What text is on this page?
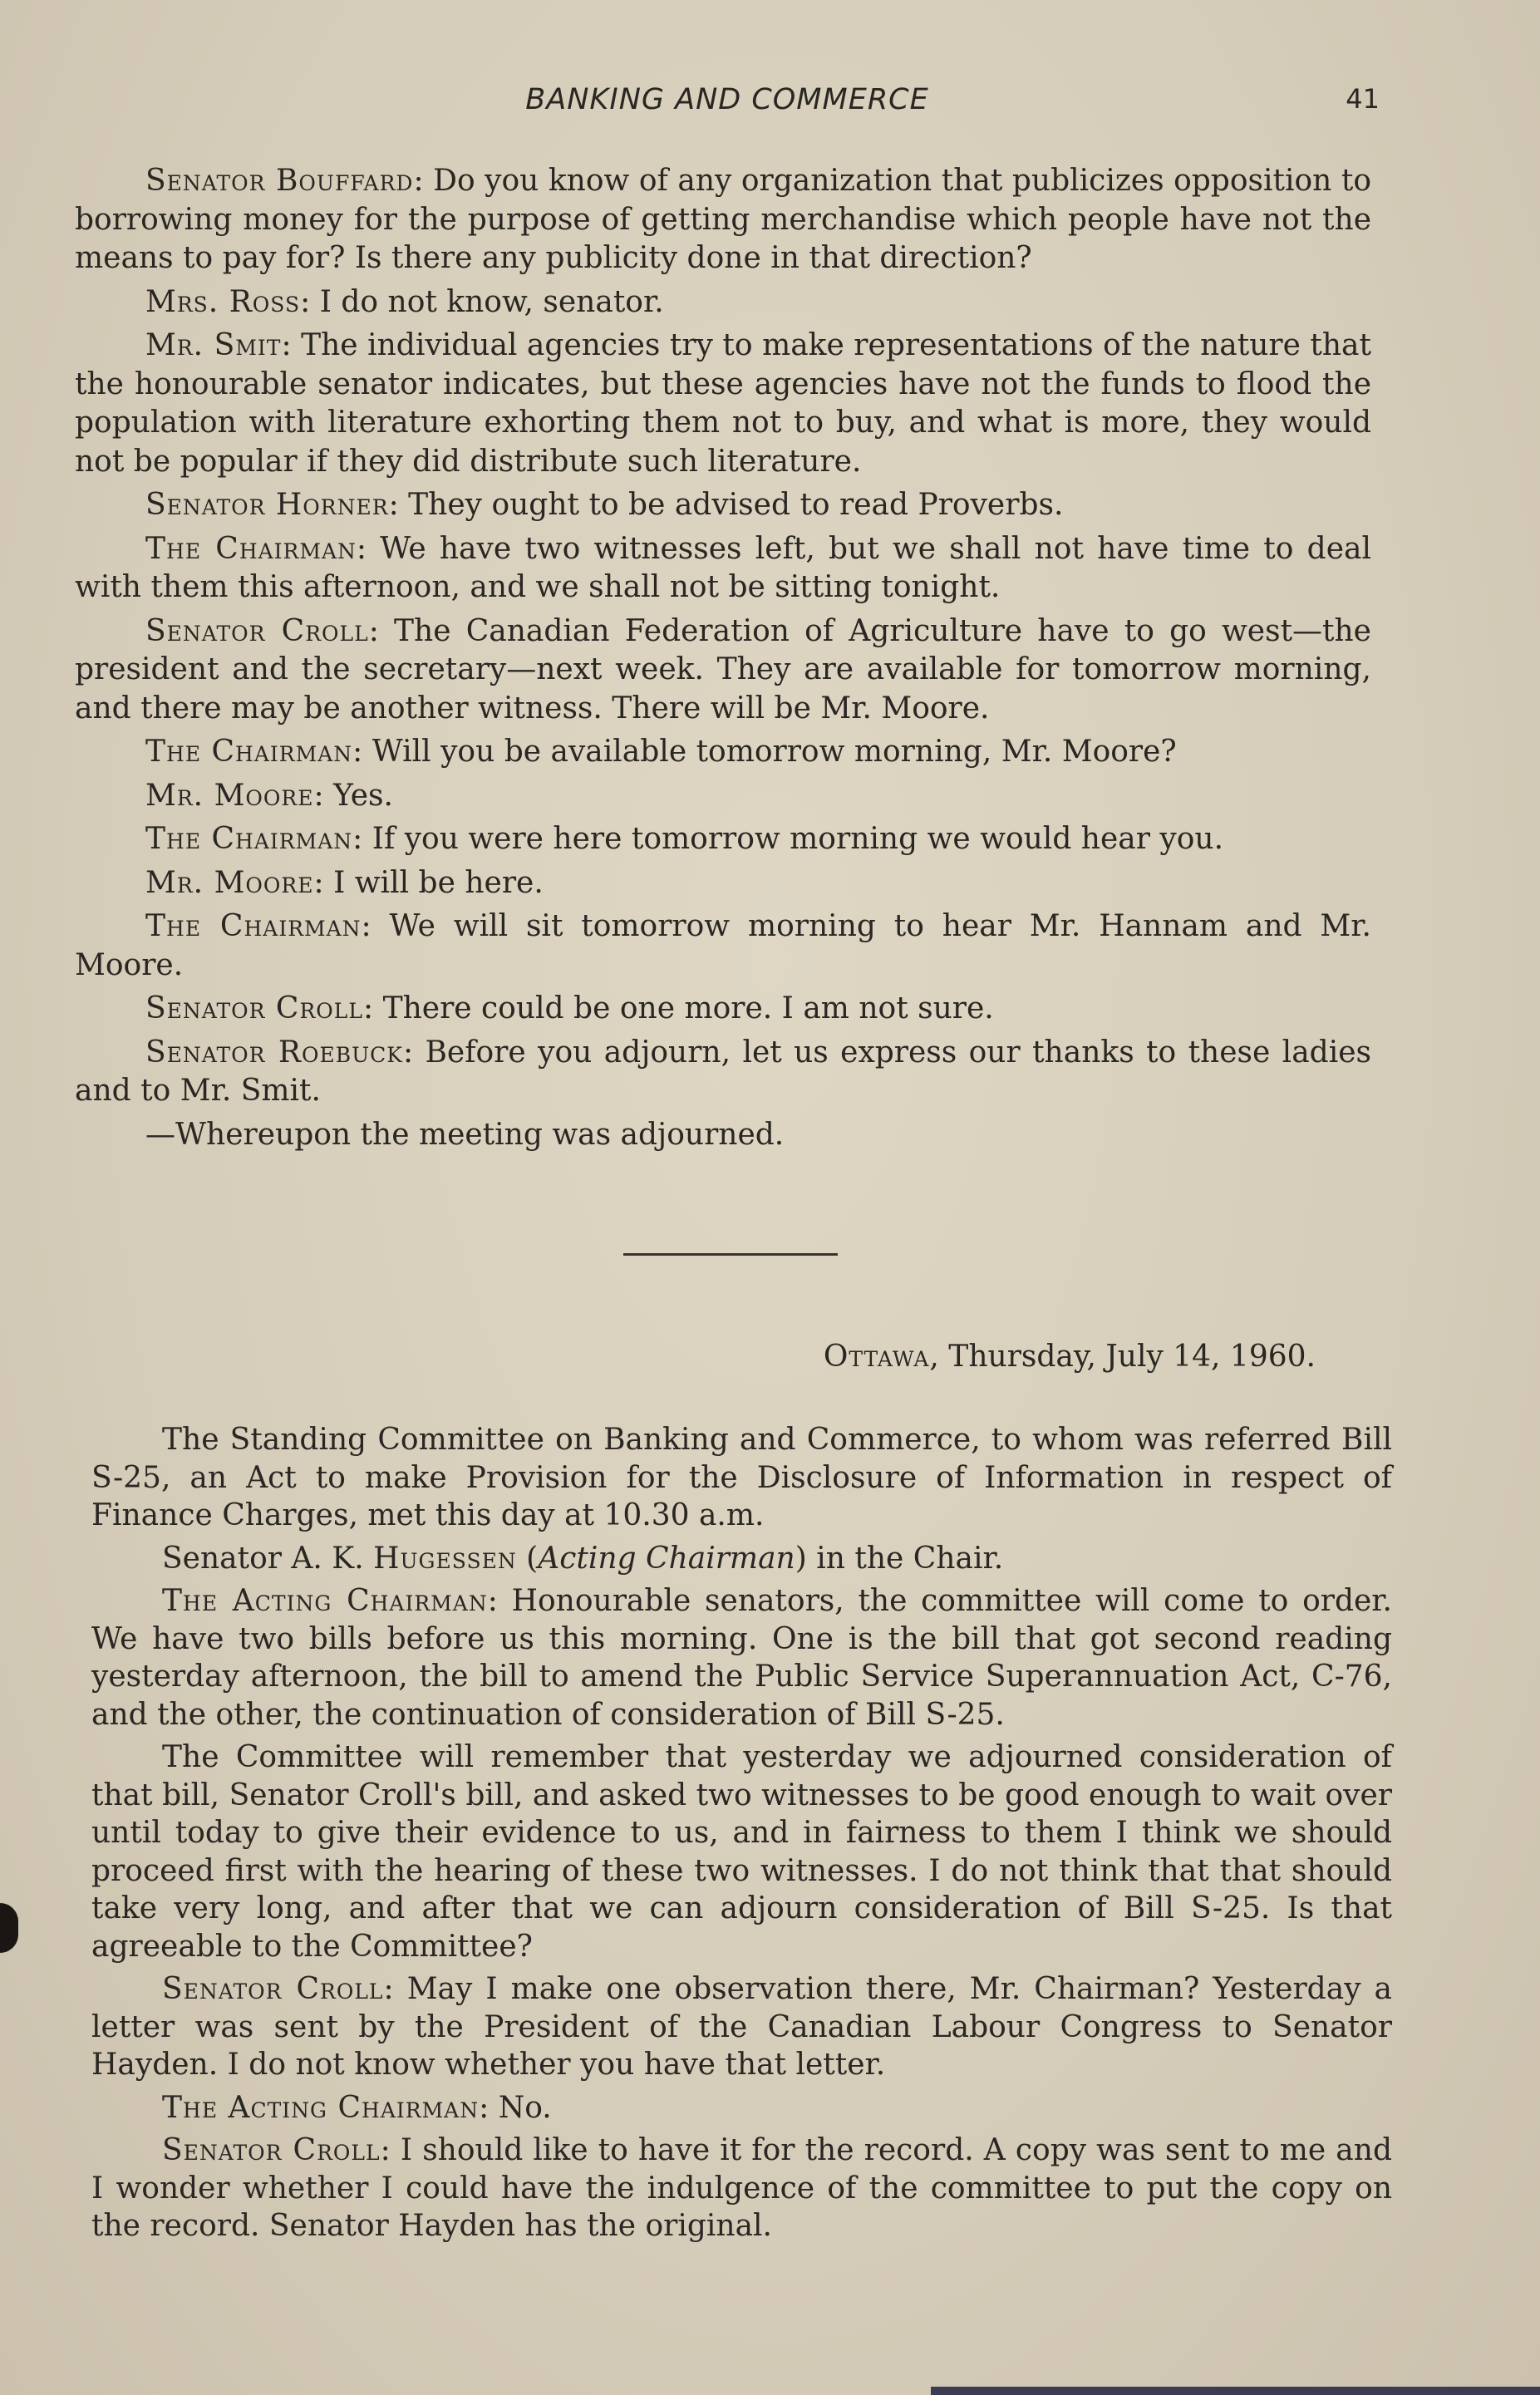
BANKING AND COMMERCE	41

Senator Bouffard: Do you know of any organization that publicizes opposition to borrowing money for the purpose of getting merchandise which people have not the means to pay for? Is there any publicity done in that direction?

Mrs. Ross: I do not know, senator.

Mr. Smit: The individual agencies try to make representations of the nature that the honourable senator indicates, but these agencies have not the funds to flood the population with literature exhorting them not to buy, and what is more, they would not be popular if they did distribute such literature.

Senator Horner: They ought to be advised to read Proverbs.

The Chairman: We have two witnesses left, but we shall not have time to deal with them this afternoon, and we shall not be sitting tonight.

Senator Croll: The Canadian Federation of Agriculture have to go west—the president and the secretary—next week. They are available for tomorrow morning, and there may be another witness. There will be Mr. Moore.

The Chairman: Will you be available tomorrow morning, Mr. Moore?

Mr. Moore: Yes.

The Chairman: If you were here tomorrow morning we would hear you.

Mr. Moore: I will be here.

The Chairman: We will sit tomorrow morning to hear Mr. Hannam and Mr. Moore.

Senator Croll: There could be one more. I am not sure.

Senator Roebuck: Before you adjourn, let us express our thanks to these ladies and to Mr. Smit.

—Whereupon the meeting was adjourned.

Ottawa, Thursday, July 14, 1960.

The Standing Committee on Banking and Commerce, to whom was referred Bill S-25, an Act to make Provision for the Disclosure of Information in respect of Finance Charges, met this day at 10.30 a.m.

Senator A. K. Hugessen (Acting Chairman) in the Chair.

The Acting Chairman: Honourable senators, the committee will come to order. We have two bills before us this morning. One is the bill that got second reading yesterday afternoon, the bill to amend the Public Service Superannuation Act, C-76, and the other, the continuation of consideration of Bill S-25.

The Committee will remember that yesterday we adjourned consideration of that bill, Senator Croll's bill, and asked two witnesses to be good enough to wait over until today to give their evidence to us, and in fairness to them I think we should proceed first with the hearing of these two witnesses. I do not think that that should take very long, and after that we can adjourn consideration of Bill S-25. Is that agreeable to the Committee?

Senator Croll: May I make one observation there, Mr. Chairman? Yesterday a letter was sent by the President of the Canadian Labour Congress to Senator Hayden. I do not know whether you have that letter.

The Acting Chairman: No.

Senator Croll: I should like to have it for the record. A copy was sent to me and I wonder whether I could have the indulgence of the committee to put the copy on the record. Senator Hayden has the original.
